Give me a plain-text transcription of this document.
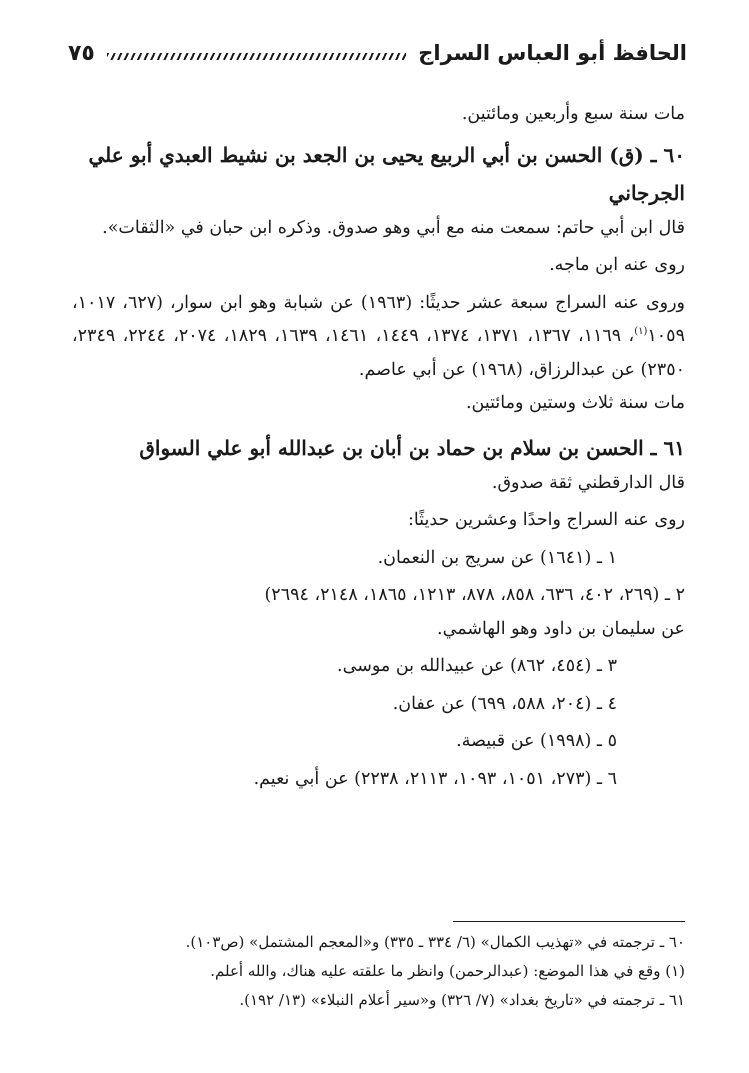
الحافظ أبو العباس السراج
٧٥

مات سنة سبع وأربعين ومائتين.

٦٠ ـ (ق) الحسن بن أبي الربيع يحيى بن الجعد بن نشيط العبدي أبو علي الجرجاني

قال ابن أبي حاتم: سمعت منه مع أبي وهو صدوق. وذكره ابن حبان في «الثقات».

روى عنه ابن ماجه.

وروى عنه السراج سبعة عشر حديثًا: (١٩٦٣) عن شبابة وهو ابن سوار، (٦٢٧، ١٠١٧، ١٠٥٩$^{(١)}$، ١١٦٩، ١٣٦٧، ١٣٧١، ١٣٧٤، ١٤٤٩، ١٤٦١، ١٦٣٩، ١٨٢٩، ٢٠٧٤، ٢٢٤٤، ٢٣٤٩، ٢٣٥٠) عن عبدالرزاق، (١٩٦٨) عن أبي عاصم.

مات سنة ثلاث وستين ومائتين.

٦١ ـ الحسن بن سلام بن حماد بن أبان بن عبدالله أبو علي السواق

قال الدارقطني ثقة صدوق.

روى عنه السراج واحدًا وعشرين حديثًا:

١ ـ (١٦٤١) عن سريج بن النعمان.

٢ ـ (٢٦٩، ٤٠٢، ٦٣٦، ٨٥٨، ٨٧٨، ١٢١٣، ١٨٦٥، ٢١٤٨، ٢٦٩٤)

عن سليمان بن داود وهو الهاشمي.

٣ ـ (٤٥٤، ٨٦٢) عن عبيدالله بن موسى.

٤ ـ (٢٠٤، ٥٨٨، ٦٩٩) عن عفان.

٥ ـ (١٩٩٨) عن قبيصة.

٦ ـ (٢٧٣، ١٠٥١، ١٠٩٣، ٢١١٣، ٢٢٣٨) عن أبي نعيم.

٦٠ ـ ترجمته في «تهذيب الكمال» (٦/ ٣٣٤ ـ ٣٣٥) و«المعجم المشتمل» (ص١٠٣).

(١) وقع في هذا الموضع: (عبدالرحمن) وانظر ما علقته عليه هناك، والله أعلم.

٦١ ـ ترجمته في «تاريخ بغداد» (٧/ ٣٢٦) و«سير أعلام النبلاء» (١٣/ ١٩٢).
